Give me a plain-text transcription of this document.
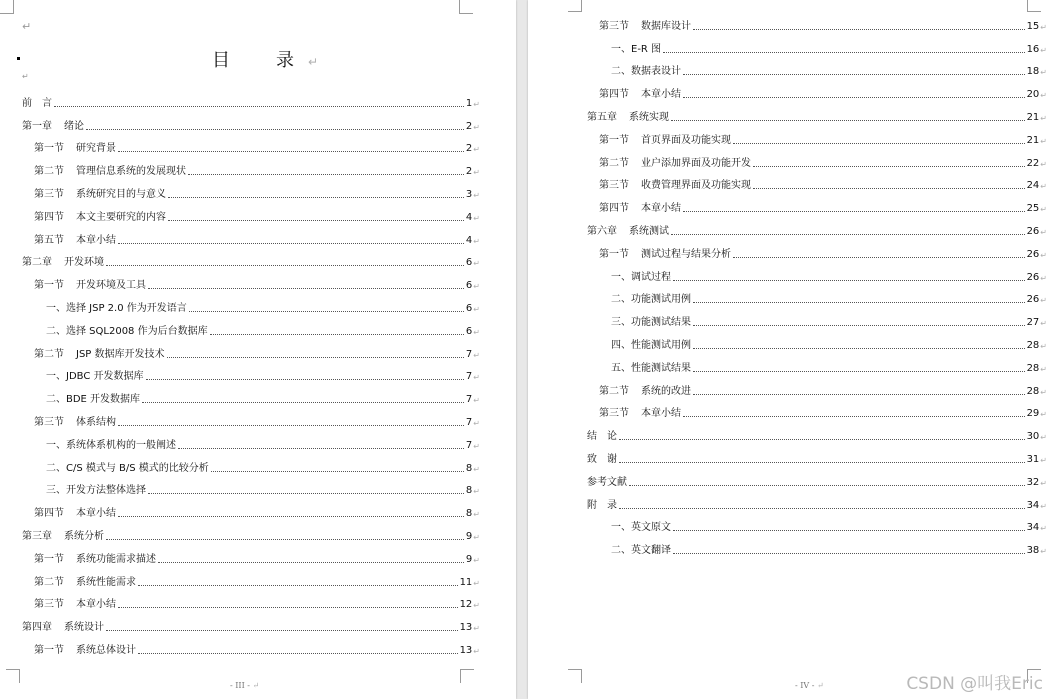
↵
↵
目　录↵
前　言	1 ↵
第一章 绪论	2 ↵
第一节 研究背景	2 ↵
第二节 管理信息系统的发展现状	2 ↵
第三节 系统研究目的与意义	3 ↵
第四节 本文主要研究的内容	4 ↵
第五节 本章小结	4 ↵
第二章 开发环境	6 ↵
第一节 开发环境及工具	6 ↵
一、选择 JSP 2.0 作为开发语言	6 ↵
二、选择 SQL2008 作为后台数据库	6 ↵
第二节 JSP 数据库开发技术	7 ↵
一、JDBC 开发数据库	7 ↵
二、BDE 开发数据库	7 ↵
第三节 体系结构	7 ↵
一、系统体系机构的一般阐述	7 ↵
二、C/S 模式与 B/S 模式的比较分析	8 ↵
三、开发方法整体选择	8 ↵
第四节 本章小结	8 ↵
第三章 系统分析	9 ↵
第一节 系统功能需求描述	9 ↵
第二节 系统性能需求	11 ↵
第三节 本章小结	12 ↵
第四章 系统设计	13 ↵
第一节 系统总体设计	13 ↵
- III - ↵
第三节 数据库设计	15 ↵
一、E-R 图	16 ↵
二、数据表设计	18 ↵
第四节 本章小结	20 ↵
第五章 系统实现	21 ↵
第一节 首页界面及功能实现	21 ↵
第二节 业户添加界面及功能开发	22 ↵
第三节 收费管理界面及功能实现	24 ↵
第四节 本章小结	25 ↵
第六章 系统测试	26 ↵
第一节 测试过程与结果分析	26 ↵
一、调试过程	26 ↵
二、功能测试用例	26 ↵
三、功能测试结果	27 ↵
四、性能测试用例	28 ↵
五、性能测试结果	28 ↵
第二节 系统的改进	28 ↵
第三节 本章小结	29 ↵
结　论	30 ↵
致　谢	31 ↵
参考文献	32 ↵
附　录	34 ↵
一、英文原文	34 ↵
二、英文翻译	38 ↵
- IV - ↵	CSDN @叫我Eric
